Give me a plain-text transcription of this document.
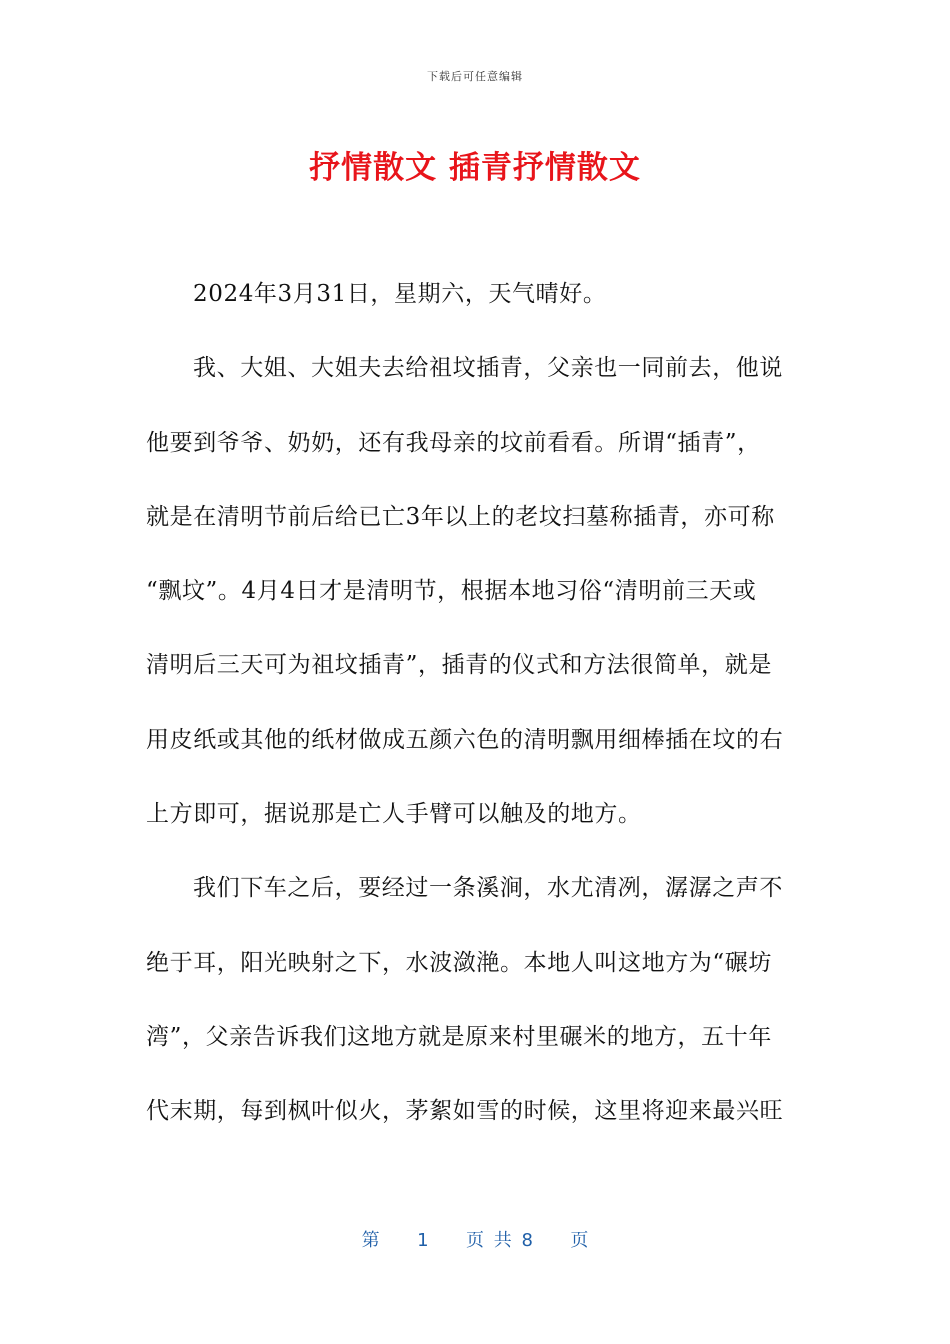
下载后可任意编辑
抒情散文 插青抒情散文
2024年3月31日，星期六，天气晴好。
我、大姐、大姐夫去给祖坟插青，父亲也一同前去，他说
他要到爷爷、奶奶，还有我母亲的坟前看看。所谓“插青”，
就是在清明节前后给已亡3年以上的老坟扫墓称插青，亦可称
“飘坟”。4月4日才是清明节，根据本地习俗“清明前三天或
清明后三天可为祖坟插青”，插青的仪式和方法很简单，就是
用皮纸或其他的纸材做成五颜六色的清明飘用细棒插在坟的右
上方即可，据说那是亡人手臂可以触及的地方。
我们下车之后，要经过一条溪涧，水尤清冽，潺潺之声不
绝于耳，阳光映射之下，水波潋滟。本地人叫这地方为“碾坊
湾”，父亲告诉我们这地方就是原来村里碾米的地方，五十年
代末期，每到枫叶似火，茅絮如雪的时候，这里将迎来最兴旺
第 1 页 共 8 页
